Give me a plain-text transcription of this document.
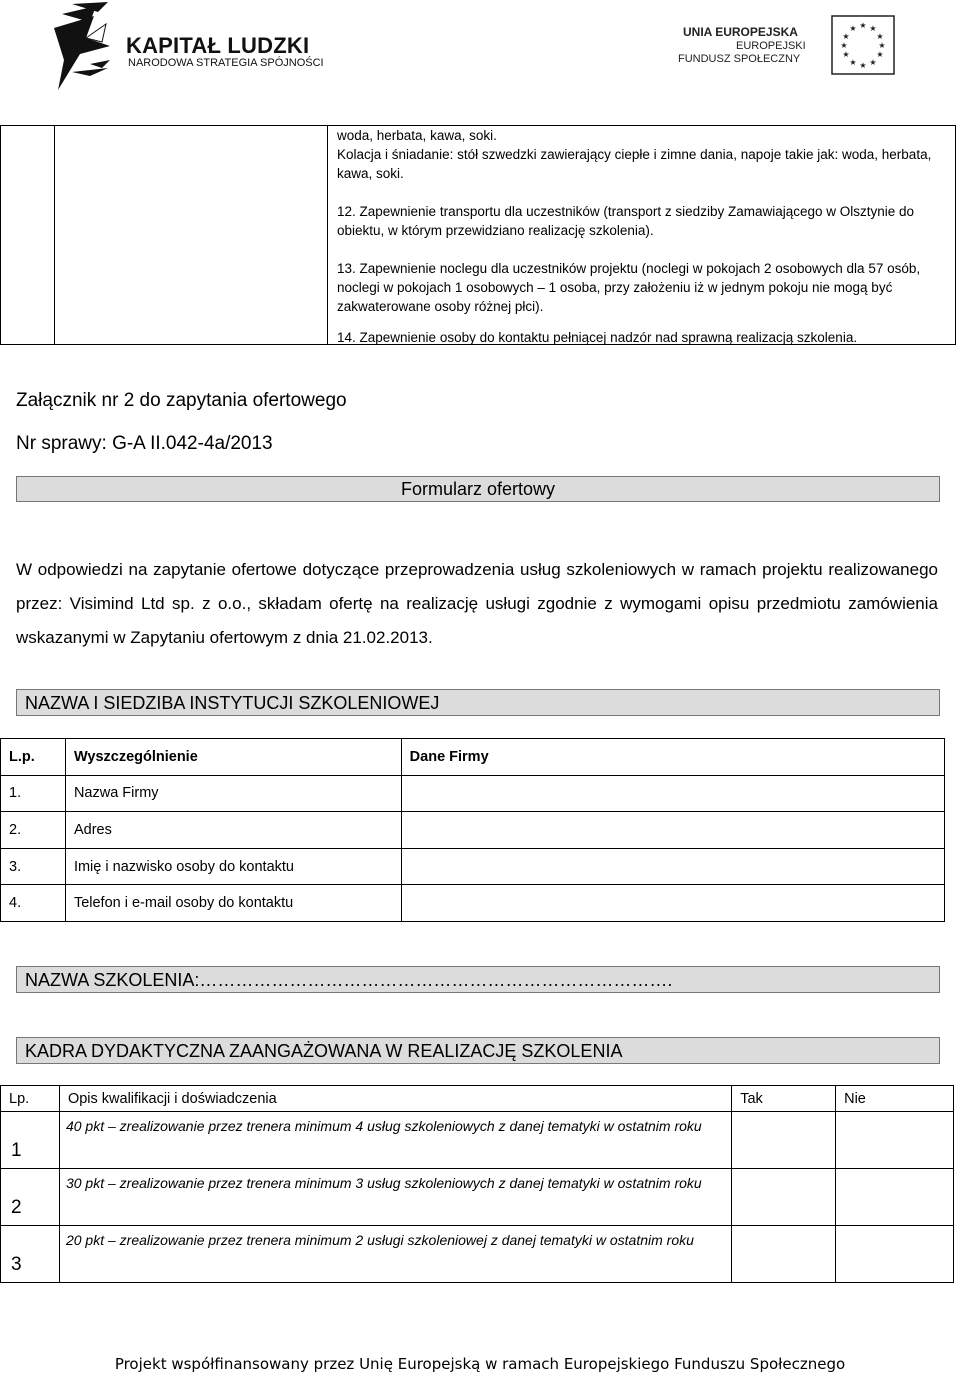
KAPITAŁ LUDZKI
NARODOWA STRATEGIA SPÓJNOŚCI
★ ★
★
★
★
★
★
★
★
★
★
★
UNIA EUROPEJSKA
EUROPEJSKI
FUNDUSZ SPOŁECZNY

woda, herbata, kawa, soki.

Kolacja i śniadanie: stół szwedzki zawierający ciepłe i zimne dania, napoje takie jak: woda, herbata, kawa, soki.

12. Zapewnienie transportu dla uczestników (transport z siedziby Zamawiającego w Olsztynie do obiektu, w którym przewidziano realizację szkolenia).

13. Zapewnienie noclegu dla uczestników projektu (noclegi w pokojach 2 osobowych dla 57 osób, noclegi w pokojach 1 osobowych – 1 osoba, przy założeniu iż w jednym pokoju nie mogą być zakwaterowane osoby różnej płci).

14. Zapewnienie osoby do kontaktu pełniącej nadzór nad sprawną realizacją szkolenia.

Załącznik nr 2 do zapytania ofertowego
Nr sprawy: G-A II.042-4a/2013
Formularz ofertowy
W odpowiedzi na zapytanie ofertowe dotyczące przeprowadzenia usług szkoleniowych w ramach projektu realizowanego przez: Visimind Ltd sp. z o.o., składam ofertę na realizację usługi zgodnie z wymogami opisu przedmiotu zamówienia wskazanymi w Zapytaniu ofertowym z dnia 21.02.2013.
NAZWA I SIEDZIBA INSTYTUCJI SZKOLENIOWEJ
L.p.	Wyszczególnienie	Dane Firmy
1.	Nazwa Firmy	
2.	Adres	
3.	Imię i nazwisko osoby do kontaktu	
4.	Telefon i e-mail osoby do kontaktu	
NAZWA SZKOLENIA:…………………………………………………………………….
KADRA DYDAKTYCZNA ZAANGAŻOWANA W REALIZACJĘ SZKOLENIA
Lp.	Opis kwalifikacji i doświadczenia	Tak	Nie
1	40 pkt – zrealizowanie przez trenera minimum 4 usług szkoleniowych z danej tematyki w ostatnim roku		
2	30 pkt – zrealizowanie przez trenera minimum 3 usług szkoleniowych z danej tematyki w ostatnim roku		
3	20 pkt – zrealizowanie przez trenera minimum 2 usługi szkoleniowej z danej tematyki w ostatnim roku		
Projekt współfinansowany przez Unię Europejską w ramach Europejskiego Funduszu Społecznego
